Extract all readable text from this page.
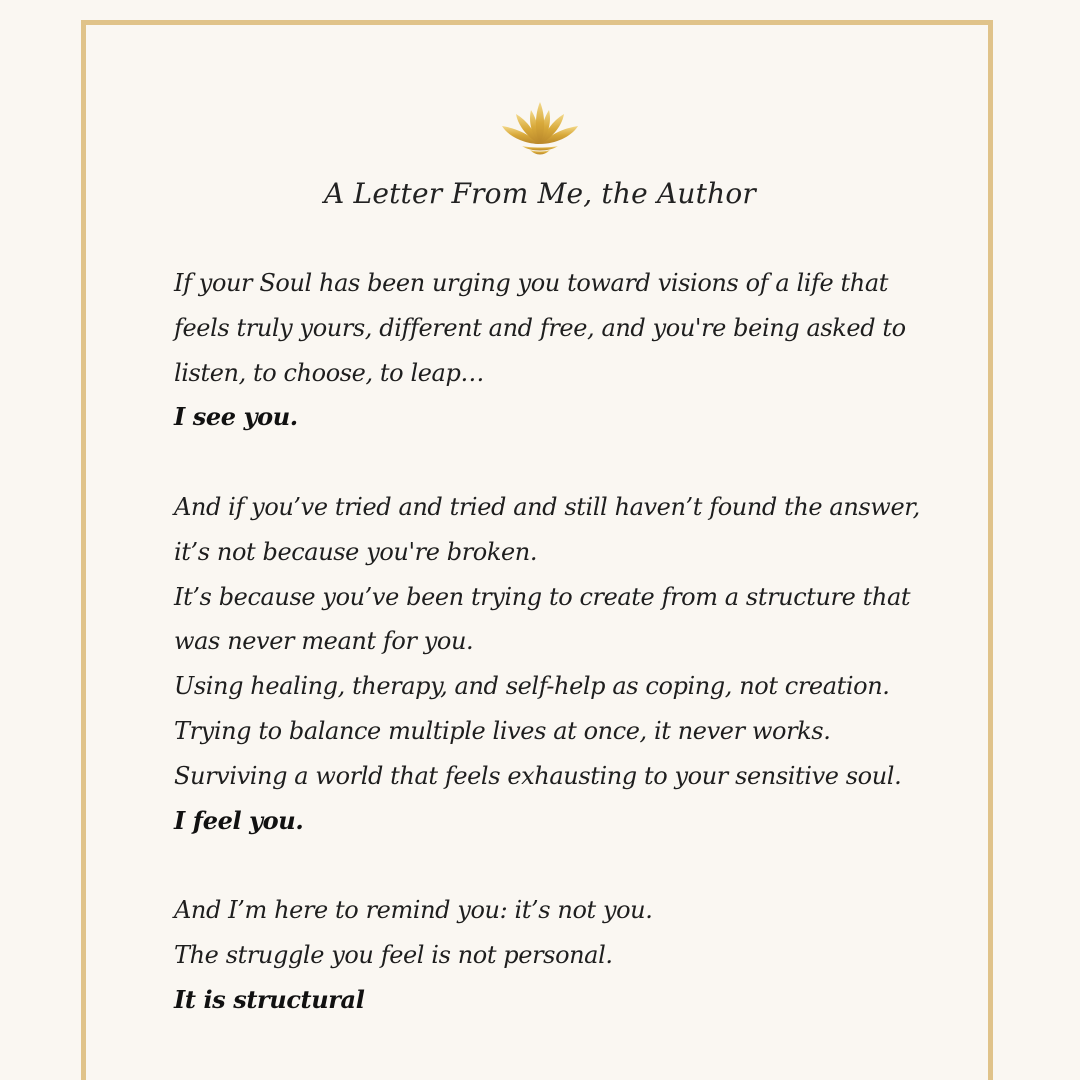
A Letter From Me, the Author
If your Soul has been urging you toward visions of a life that
feels truly yours, different and free, and you're being asked to
listen, to choose, to leap…
I see you.
And if you’ve tried and tried and still haven’t found the answer,
it’s not because you're broken.
It’s because you’ve been trying to create from a structure that
was never meant for you.
Using healing, therapy, and self-help as coping, not creation.
Trying to balance multiple lives at once, it never works.
Surviving a world that feels exhausting to your sensitive soul.
I feel you.
And I’m here to remind you: it’s not you.
The struggle you feel is not personal.
It is structural
